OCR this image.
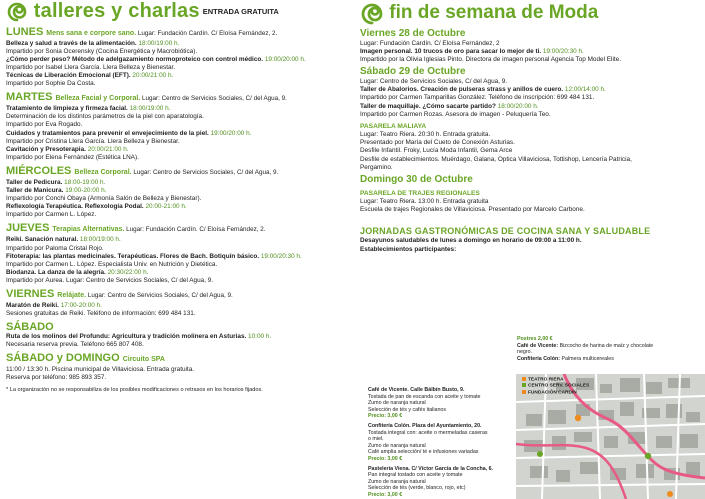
talleres y charlas ENTRADA GRATUITA
LUNES Mens sana e corpore sano. Lugar: Fundación Cardín. C/ Eloísa Fernández, 2.
Belleza y salud a través de la alimentación. 18:00/19:00 h.
Impartido por Sonia Ocerensky (Cocina Energética y Macrobiótica).
¿Cómo perder peso? Método de adelgazamiento normoproteico con control médico. 19:00/20:00 h.
Impartido por Isabel Llera García. Llera Belleza y Bienestar.
Técnicas de Liberación Emocional (EFT). 20:00/21:00 h.
Impartido por Sophie Da Costa.
MARTES Belleza Facial y Corporal. Lugar: Centro de Servicios Sociales, C/ del Agua, 9.
Tratamiento de limpieza y firmeza facial. 18:00/19:00 h.
Determinación de los distintos parámetros de la piel con aparatología.
Impartido por Eva Rogado.
Cuidados y tratamientos para prevenir el envejecimiento de la piel. 19:00/20:00 h.
Impartido por Cristina Llera García. Llera Belleza y Bienestar.
Cavitación y Presoterapia. 20:00/21:00 h.
Impartido por Elena Fernández (Estética LNA).
MIÉRCOLES Belleza Corporal. Lugar: Centro de Servicios Sociales, C/ del Agua, 9.
Taller de Pedicura. 18:00-19:00 h.
Taller de Manicura. 19:00-20:00 h.
Impartido por Conchi Obaya (Armonía Salón de Belleza y Bienestar).
Reflexología Terapéutica. Reflexología Podal. 20:00-21:00 h.
Impartido por Carmen L. López.
JUEVES Terapias Alternativas. Lugar: Fundación Cardín. C/ Eloísa Fernández, 2.
Reiki. Sanación natural. 18:00/19:00 h.
Impartido por Paloma Cristal Rojo.
Fitoterapia: las plantas medicinales. Terapéuticas. Flores de Bach. Botiquín básico. 19:00/20:30 h.
Impartido por Carmen L. López. Especialista Univ. en Nutrición y Dietética.
Biodanza. La danza de la alegría. 20:30/22:00 h.
Impartido por Áurea. Lugar: Centro de Servicios Sociales, C/ del Agua, 9.
VIERNES Relájate. Lugar: Centro de Servicios Sociales, C/ del Agua, 9.
Maratón de Reiki. 17:00-20:00 h.
Sesiones gratuitas de Reiki. Teléfono de información: 699 484 131.
SÁBADO
Ruta de los molinos del Profundu: Agricultura y tradición molinera en Asturias. 10:00 h.
Necesaria reserva previa. Teléfono 665 807 408.
SÁBADO y DOMINGO Circuito SPA
11:00 / 13:30 h. Piscina municipal de Villaviciosa. Entrada gratuita.
Reserva por teléfono: 985 893 357.
* La organización no se responsabiliza de los posibles modificaciones o retrasos en los horarios fijados.
fin de semana de Moda
Viernes 28 de Octubre
Lugar: Fundación Cardín. C/ Eloísa Fernández, 2
Imagen personal. 10 trucos de oro para sacar lo mejor de ti. 19:00/20:30 h.
Impartido por la Olivia Iglesias Pinto. Directora de imagen personal Agencia Top Model Elite.
Sábado 29 de Octubre
Lugar: Centro de Servicios Sociales, C/ del Agua, 9.
Taller de Abalorios. Creación de pulseras strass y anillos de cuero. 12:00/14:00 h.
Impartido por Carmen Tamparillas González. Teléfono de inscripción: 699 484 131.
Taller de maquillaje. ¿Cómo sacarte partido? 18:00/20:00 h.
Impartido por Carmen Rozas. Asesora de imagen - Peluquería Teo.
PASARELA MALIAYA
Lugar: Teatro Riera. 20:30 h. Entrada gratuita.
Presentado por María del Cueto de Conexión Asturias.
Desfile Infantil. Froky, Lucía Moda Infantil, Gema Arce
Desfile de establecimientos. Muérdago, Galana, Óptica Villaviciosa, Tottishop, Lencería Patricia,
Pergamino.
Domingo 30 de Octubre
PASARELA DE TRAJES REGIONALES
Lugar: Teatro Riera. 13:00 h. Entrada gratuita
Escuela de trajes Regionales de Villaviciosa. Presentado por Marcelo Carbone.
JORNADAS GASTRONÓMICAS DE COCINA SANA Y SALUDABLE
Desayunos saludables de lunes a domingo en horario de 09:00 a 11:00 h.
Establecimientos participantes:
Café de Vicente. Calle Bálbín Busto, 9.
Tostada de pan de escanda con aceite y tomate
Zumo de naranja natural
Selección de tés y cafés italianos
Precio: 3,00 €
Confitería Colón. Plaza del Ayuntamiento, 20.
Tostada integral con: aceite o mermeladas caseras
o miel.
Zumo de naranja natural
Café amplia selección/ té e infusiones variadas
Precio: 3,00 €
Pastelería Viena. C/ Víctor García de la Concha, 6.
Pan integral tostado con aceite y tomate
Zumo de naranja natural
Selección de tés (verde, blanco, rojo, etc)
Precio: 3,00 €
Postres 2,00 €
Café de Vicente: Bizcocho de harina de maíz y chocolate
negro.
Confitería Colón: Palmera multicereales
TEATRO RIERA
CENTRO SERV. SOCIALES
FUNDACIÓN CARDÍN
